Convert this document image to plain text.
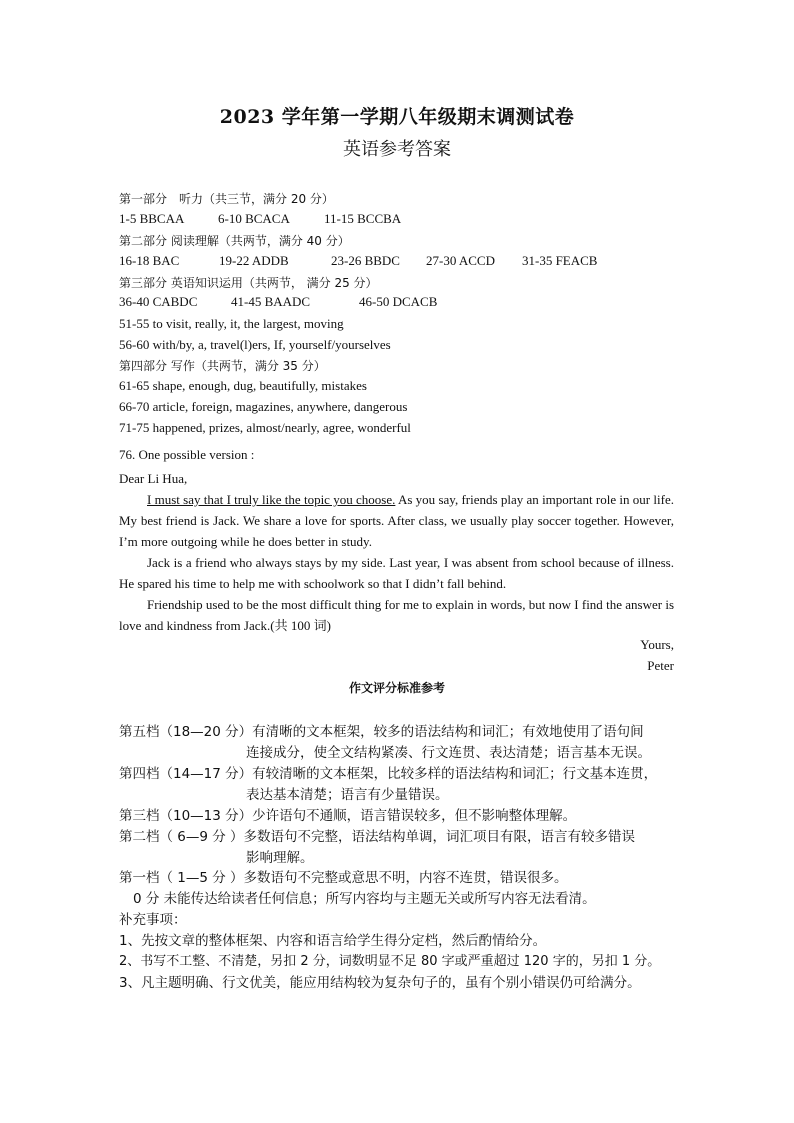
2023 学年第一学期八年级期末调测试卷
英语参考答案
第一部分　听力（共三节，满分 20 分）
1-5 BBCAA	6-10 BCACA	11-15 BCCBA
第二部分 阅读理解（共两节，满分 40 分）
16-18 BAC	19-22 ADDB	23-26 BBDC 27-30 ACCD 31-35 FEACB
第三部分 英语知识运用（共两节， 满分 25 分）
36-40 CABDC	41-45 BAADC	46-50 DCACB
51-55 to visit, really, it, the largest, moving
56-60 with/by, a, travel(l)ers, If, yourself/yourselves
第四部分 写作（共两节，满分 35 分）
61-65 shape, enough, dug, beautifully, mistakes
66-70 article, foreign, magazines, anywhere, dangerous
71-75 happened, prizes, almost/nearly, agree, wonderful
76. One possible version :
Dear Li Hua,
I must say that I truly like the topic you choose. As you say, friends play an important role in our life. My best friend is Jack. We share a love for sports. After class, we usually play soccer together. However, I’m more outgoing while he does better in study.
Jack is a friend who always stays by my side. Last year, I was absent from school because of illness. He spared his time to help me with schoolwork so that I didn’t fall behind.
Friendship used to be the most difficult thing for me to explain in words, but now I find the answer is love and kindness from Jack.(共 100 词)
Yours,
Peter
作文评分标准参考
第五档（18—20 分）有清晰的文本框架，较多的语法结构和词汇；有效地使用了语句间
连接成分，使全文结构紧凑、行文连贯、表达清楚；语言基本无误。
第四档（14—17 分）有较清晰的文本框架，比较多样的语法结构和词汇；行文基本连贯，
表达基本清楚；语言有少量错误。
第三档（10—13 分）少许语句不通顺，语言错误较多，但不影响整体理解。
第二档（ 6—9 分 ）多数语句不完整，语法结构单调，词汇项目有限，语言有较多错误
影响理解。
第一档（ 1—5 分 ）多数语句不完整或意思不明，内容不连贯，错误很多。
0 分 未能传达给读者任何信息；所写内容均与主题无关或所写内容无法看清。
补充事项：
1、先按文章的整体框架、内容和语言给学生得分定档，然后酌情给分。
2、书写不工整、不清楚，另扣 2 分，词数明显不足 80 字或严重超过 120 字的，另扣 1 分。
3、凡主题明确、行文优美，能应用结构较为复杂句子的，虽有个别小错误仍可给满分。
